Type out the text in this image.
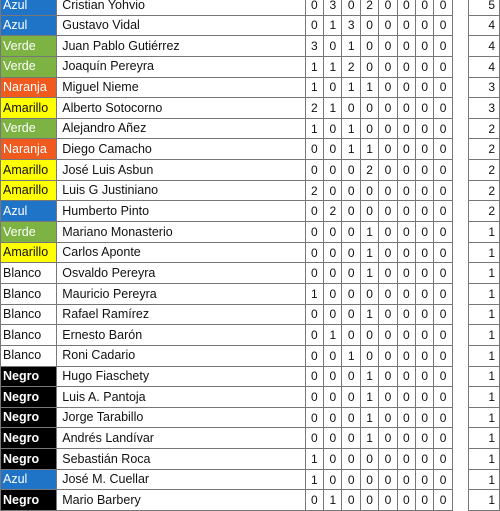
Azul	Cristian Yohvio	0	3	0	2	0	0	0	0		5
Azul	Gustavo Vidal	0	1	3	0	0	0	0	0		4
Verde	Juan Pablo Gutiérrez	3	0	1	0	0	0	0	0		4
Verde	Joaquín Pereyra	1	1	2	0	0	0	0	0		4
Naranja	Miguel Nieme	1	0	1	1	0	0	0	0		3
Amarillo	Alberto Sotocorno	2	1	0	0	0	0	0	0		3
Verde	Alejandro Añez	1	0	1	0	0	0	0	0		2
Naranja	Diego Camacho	0	0	1	1	0	0	0	0		2
Amarillo	José Luis Asbun	0	0	0	2	0	0	0	0		2
Amarillo	Luis G Justiniano	2	0	0	0	0	0	0	0		2
Azul	Humberto Pinto	0	2	0	0	0	0	0	0		2
Verde	Mariano Monasterio	0	0	0	1	0	0	0	0		1
Amarillo	Carlos Aponte	0	0	0	1	0	0	0	0		1
Blanco	Osvaldo Pereyra	0	0	0	1	0	0	0	0		1
Blanco	Mauricio Pereyra	1	0	0	0	0	0	0	0		1
Blanco	Rafael Ramírez	0	0	0	1	0	0	0	0		1
Blanco	Ernesto Barón	0	1	0	0	0	0	0	0		1
Blanco	Roni Cadario	0	0	1	0	0	0	0	0		1
Negro	Hugo Fiaschety	0	0	0	1	0	0	0	0		1
Negro	Luis A. Pantoja	0	0	0	1	0	0	0	0		1
Negro	Jorge Tarabillo	0	0	0	1	0	0	0	0		1
Negro	Andrés Landívar	0	0	0	1	0	0	0	0		1
Negro	Sebastián Roca	1	0	0	0	0	0	0	0		1
Azul	José M. Cuellar	1	0	0	0	0	0	0	0		1
Negro	Mario Barbery	0	1	0	0	0	0	0	0		1
